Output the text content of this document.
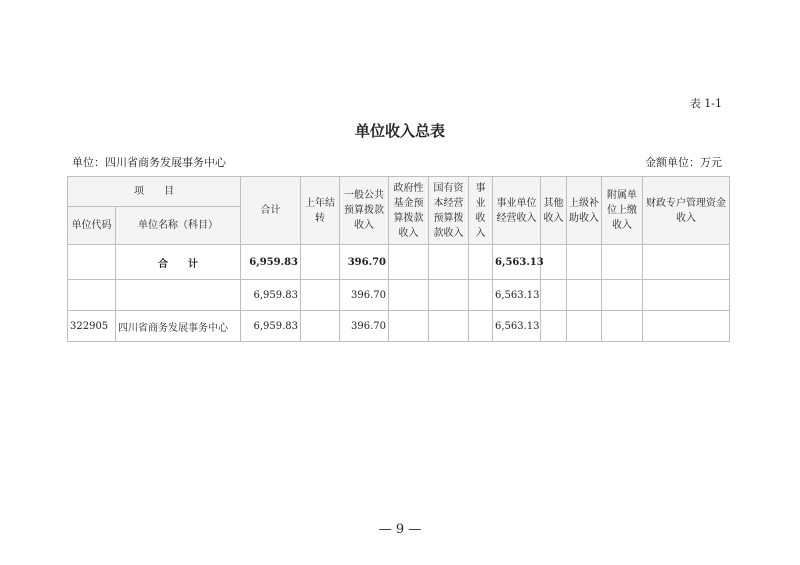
表 1-1
单位收入总表
单位：四川省商务发展事务中心	金额单位：万元
项　　目		合计	上年结转	一般公共预算拨款收入	政府性基金预算拨款收入	国有资本经营预算拨款收入	事业收入	事业单位经营收入	其他收入	上级补助收入	附属单位上缴收入	财政专户管理资金收入
单位代码	单位名称（科目）											
	合　　计	6,959.83		396.70				6,563.13				
		6,959.83		396.70				6,563.13				
322905	四川省商务发展事务中心	6,959.83		396.70				6,563.13				
— 9 —
